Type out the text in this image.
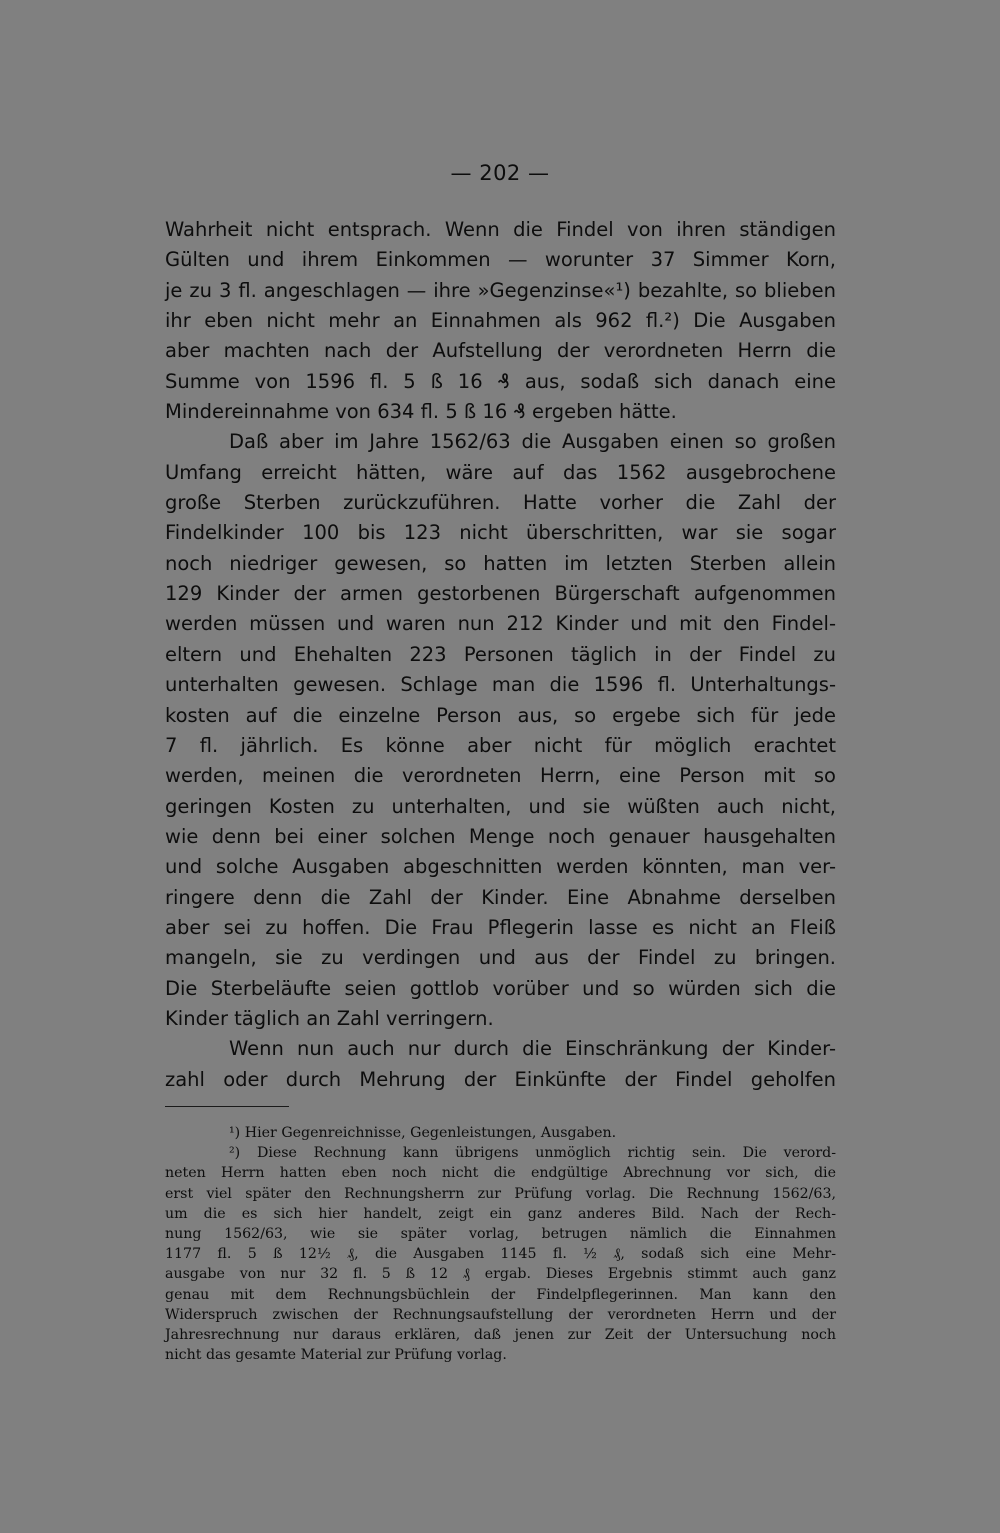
— 202 —
Wahrheit nicht entsprach. Wenn die Findel von ihren ständigen
Gülten und ihrem Einkommen — worunter 37 Simmer Korn,
je zu 3 fl. angeschlagen — ihre »Gegenzinse«¹) bezahlte, so blieben
ihr eben nicht mehr an Einnahmen als 962 fl.²) Die Ausgaben
aber machten nach der Aufstellung der verordneten Herrn die
Summe von 1596 fl. 5 ß 16 ₰ aus, sodaß sich danach eine
Mindereinnahme von 634 fl. 5 ß 16 ₰ ergeben hätte.
Daß aber im Jahre 1562/63 die Ausgaben einen so großen
Umfang erreicht hätten, wäre auf das 1562 ausgebrochene
große Sterben zurückzuführen. Hatte vorher die Zahl der
Findelkinder 100 bis 123 nicht überschritten, war sie sogar
noch niedriger gewesen, so hatten im letzten Sterben allein
129 Kinder der armen gestorbenen Bürgerschaft aufgenommen
werden müssen und waren nun 212 Kinder und mit den Findel-
eltern und Ehehalten 223 Personen täglich in der Findel zu
unterhalten gewesen. Schlage man die 1596 fl. Unterhaltungs-
kosten auf die einzelne Person aus, so ergebe sich für jede
7 fl. jährlich. Es könne aber nicht für möglich erachtet
werden, meinen die verordneten Herrn, eine Person mit so
geringen Kosten zu unterhalten, und sie wüßten auch nicht,
wie denn bei einer solchen Menge noch genauer hausgehalten
und solche Ausgaben abgeschnitten werden könnten, man ver-
ringere denn die Zahl der Kinder. Eine Abnahme derselben
aber sei zu hoffen. Die Frau Pflegerin lasse es nicht an Fleiß
mangeln, sie zu verdingen und aus der Findel zu bringen.
Die Sterbeläufte seien gottlob vorüber und so würden sich die
Kinder täglich an Zahl verringern.
Wenn nun auch nur durch die Einschränkung der Kinder-
zahl oder durch Mehrung der Einkünfte der Findel geholfen
¹) Hier Gegenreichnisse, Gegenleistungen, Ausgaben.
²) Diese Rechnung kann übrigens unmöglich richtig sein. Die verord-
neten Herrn hatten eben noch nicht die endgültige Abrechnung vor sich, die
erst viel später den Rechnungsherrn zur Prüfung vorlag. Die Rechnung 1562/63,
um die es sich hier handelt, zeigt ein ganz anderes Bild. Nach der Rech-
nung 1562/63, wie sie später vorlag, betrugen nämlich die Einnahmen
1177 fl. 5 ß 12½ ₰, die Ausgaben 1145 fl. ½ ₰, sodaß sich eine Mehr-
ausgabe von nur 32 fl. 5 ß 12 ₰ ergab. Dieses Ergebnis stimmt auch ganz
genau mit dem Rechnungsbüchlein der Findelpflegerinnen. Man kann den
Widerspruch zwischen der Rechnungsaufstellung der verordneten Herrn und der
Jahresrechnung nur daraus erklären, daß jenen zur Zeit der Untersuchung noch
nicht das gesamte Material zur Prüfung vorlag.
